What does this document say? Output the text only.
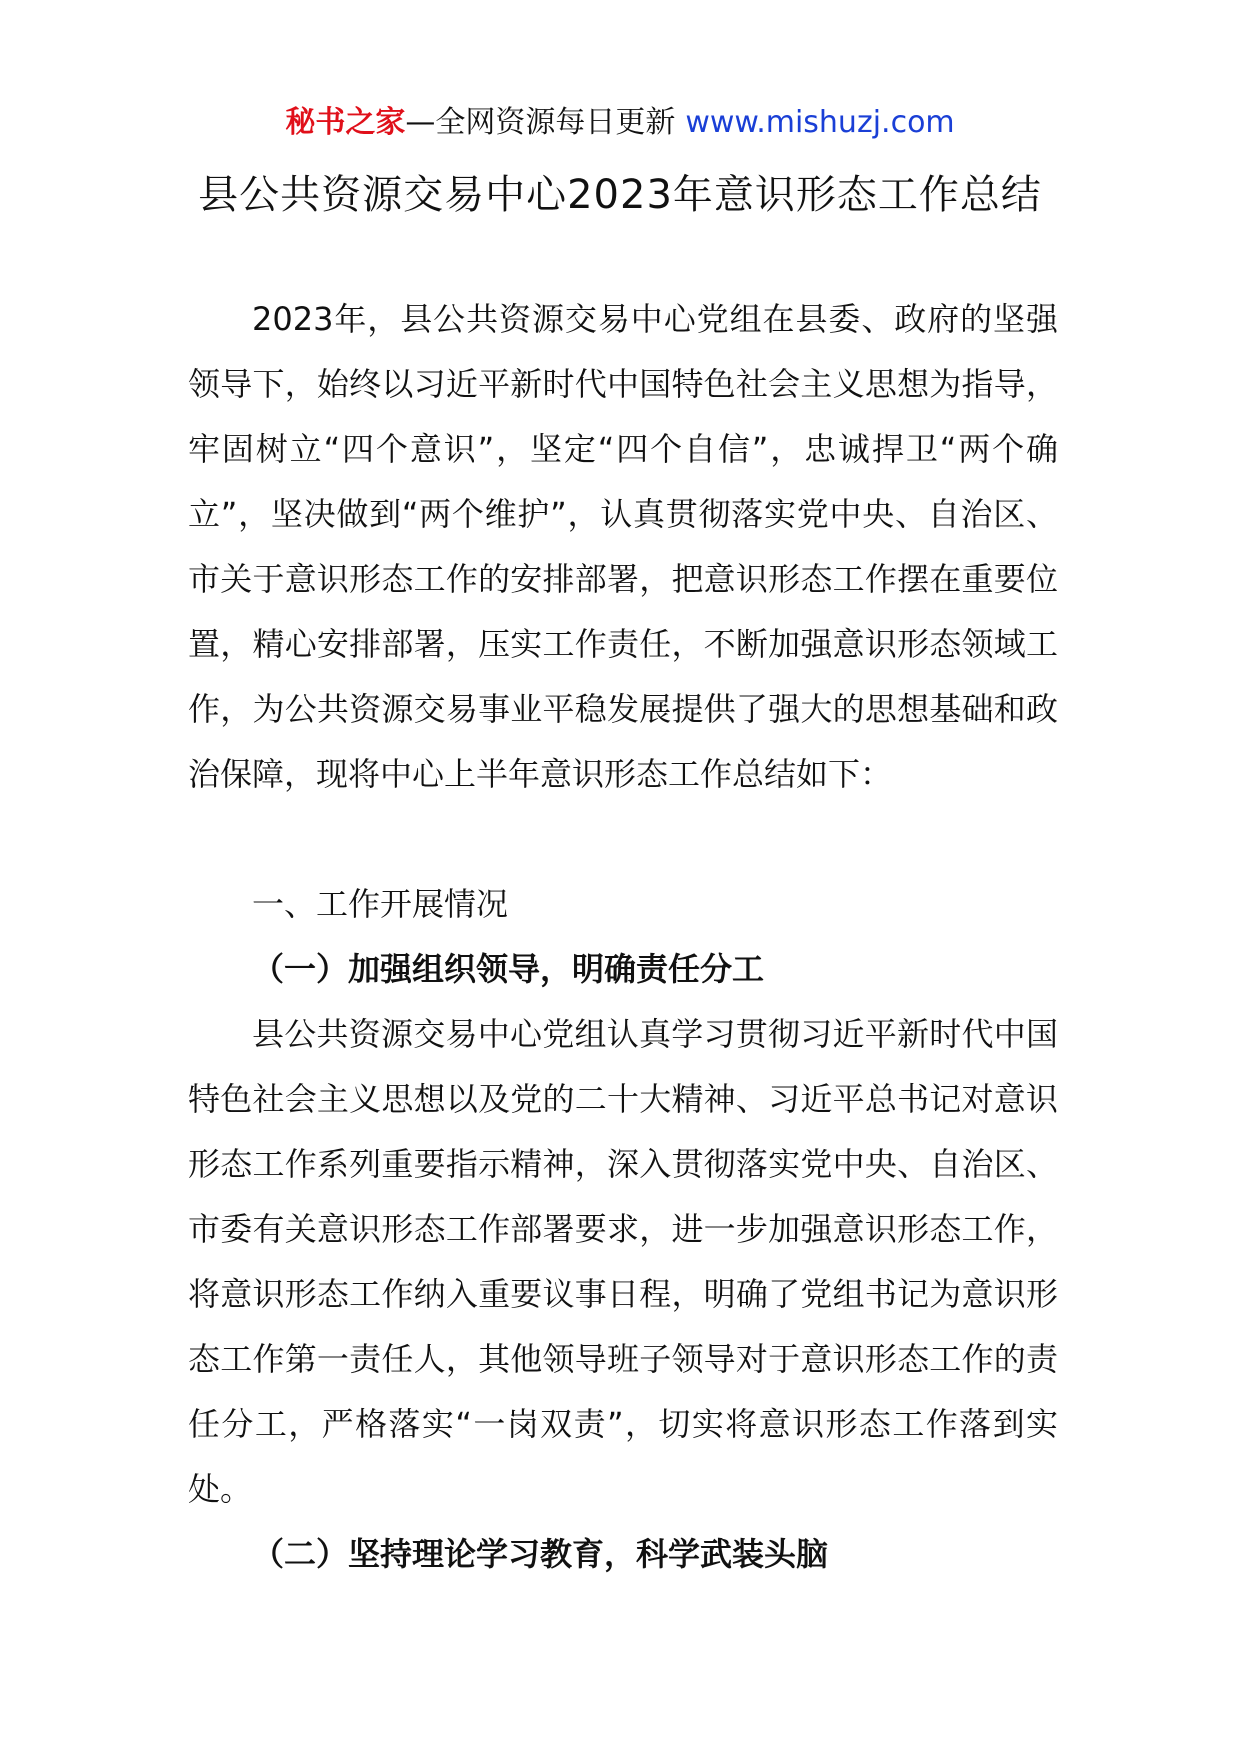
秘书之家—全网资源每日更新 www.mishuzj.com
县公共资源交易中心2023年意识形态工作总结

2023年，县公共资源交易中心党组在县委、政府的坚强领导下，始终以习近平新时代中国特色社会主义思想为指导，牢固树立“四个意识”，坚定“四个自信”，忠诚捍卫“两个确立”，坚决做到“两个维护”，认真贯彻落实党中央、自治区、市关于意识形态工作的安排部署，把意识形态工作摆在重要位置，精心安排部署，压实工作责任，不断加强意识形态领域工作，为公共资源交易事业平稳发展提供了强大的思想基础和政治保障，现将中心上半年意识形态工作总结如下：

一、工作开展情况

（一）加强组织领导，明确责任分工

县公共资源交易中心党组认真学习贯彻习近平新时代中国特色社会主义思想以及党的二十大精神、习近平总书记对意识形态工作系列重要指示精神，深入贯彻落实党中央、自治区、市委有关意识形态工作部署要求，进一步加强意识形态工作，将意识形态工作纳入重要议事日程，明确了党组书记为意识形态工作第一责任人，其他领导班子领导对于意识形态工作的责任分工，严格落实“一岗双责”，切实将意识形态工作落到实处。

（二）坚持理论学习教育，科学武装头脑
